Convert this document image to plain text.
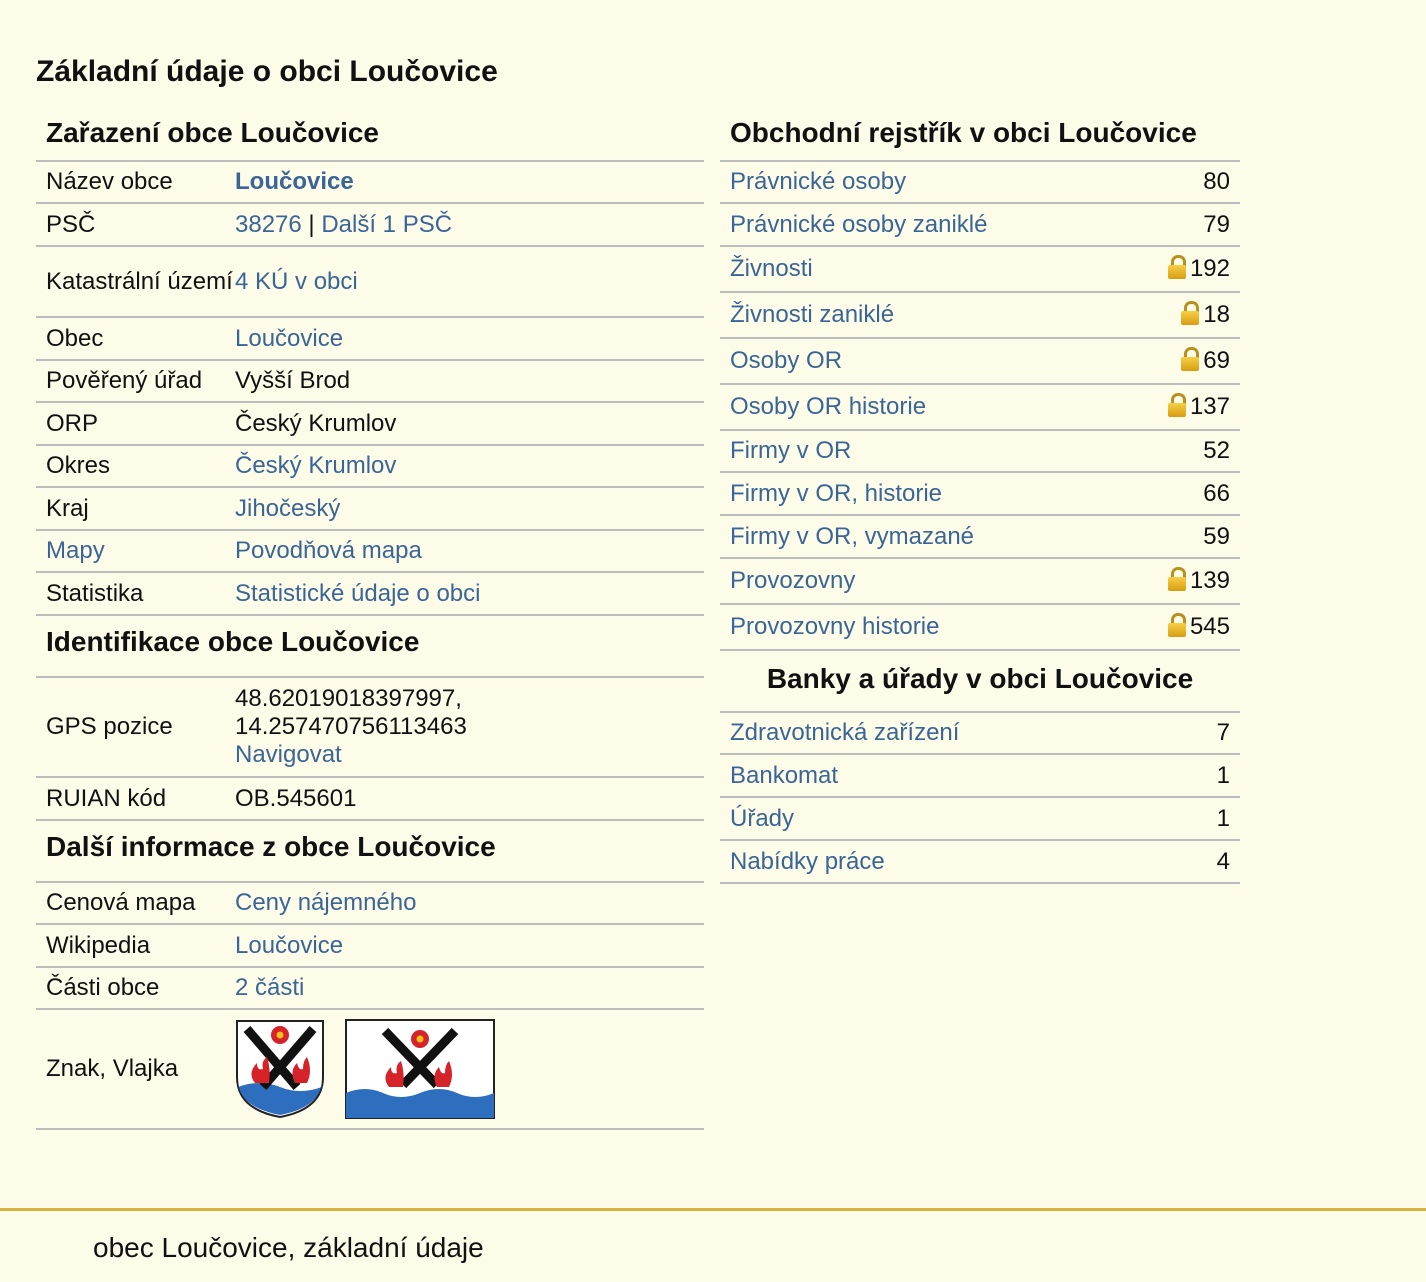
Základní údaje o obci Loučovice
Zařazení obce Loučovice
Název obce	Loučovice
PSČ	38276 | Další 1 PSČ
Katastrální území 4 KÚ v obci
Obec	Loučovice
Pověřený úřad	Vyšší Brod
ORP	Český Krumlov
Okres	Český Krumlov
Kraj	Jihočeský
Mapy	Povodňová mapa
Statistika	Statistické údaje o obci
Identifikace obce Loučovice
GPS pozice
48.62019018397997,
14.257470756113463
Navigovat
RUIAN kód	OB.545601
Další informace z obce Loučovice
Cenová mapa	Ceny nájemného
Wikipedia	Loučovice
Části obce	2 části
Znak, Vlajka
Obchodní rejstřík v obci Loučovice
Právnické osoby	80
Právnické osoby zaniklé	79
Živnosti	192
Živnosti zaniklé	18
Osoby OR	69
Osoby OR historie	137
Firmy v OR	52
Firmy v OR, historie	66
Firmy v OR, vymazané	59
Provozovny	139
Provozovny historie	545
Banky a úřady v obci Loučovice
Zdravotnická zařízení	7
Bankomat	1
Úřady	1
Nabídky práce	4
obec Loučovice, základní údaje
